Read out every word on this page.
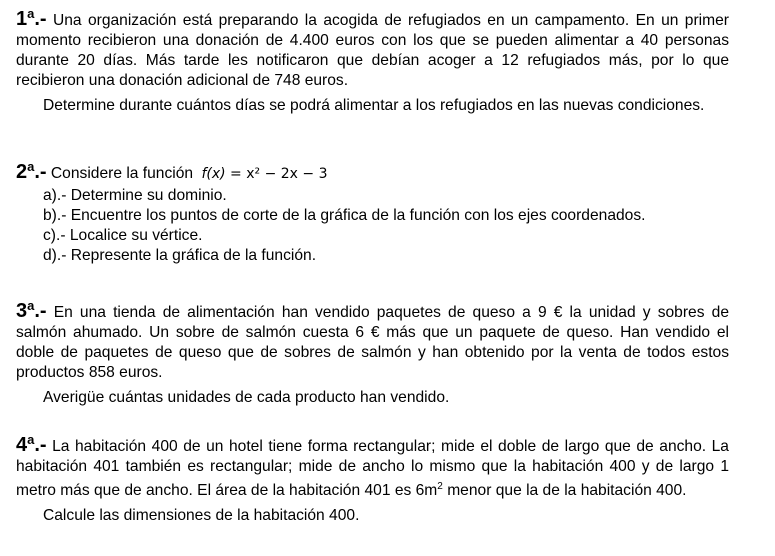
1$^a$.- Una organización está preparando la acogida de refugiados en un campamento. En un primer momento recibieron una donación de 4.400 euros con los que se pueden alimentar a 40 personas durante 20 días. Más tarde les notificaron que debían acoger a 12 refugiados más, por lo que recibieron una donación adicional de 748 euros.

Determine durante cuántos días se podrá alimentar a los refugiados en las nuevas condiciones.

2$^a$.- Considere la función f(x) = x² − 2x − 3

a).- Determine su dominio.
b).- Encuentre los puntos de corte de la gráfica de la función con los ejes coordenados.
c).- Localice su vértice.
d).- Represente la gráfica de la función.

3$^a$.- En una tienda de alimentación han vendido paquetes de queso a 9 € la unidad y sobres de salmón ahumado. Un sobre de salmón cuesta 6 € más que un paquete de queso. Han vendido el doble de paquetes de queso que de sobres de salmón y han obtenido por la venta de todos estos productos 858 euros.

Averigüe cuántas unidades de cada producto han vendido.

4$^a$.- La habitación 400 de un hotel tiene forma rectangular; mide el doble de largo que de ancho. La habitación 401 también es rectangular; mide de ancho lo mismo que la habitación 400 y de largo 1 metro más que de ancho. El área de la habitación 401 es $6m^2$ menor que la de la habitación 400.

Calcule las dimensiones de la habitación 400.
